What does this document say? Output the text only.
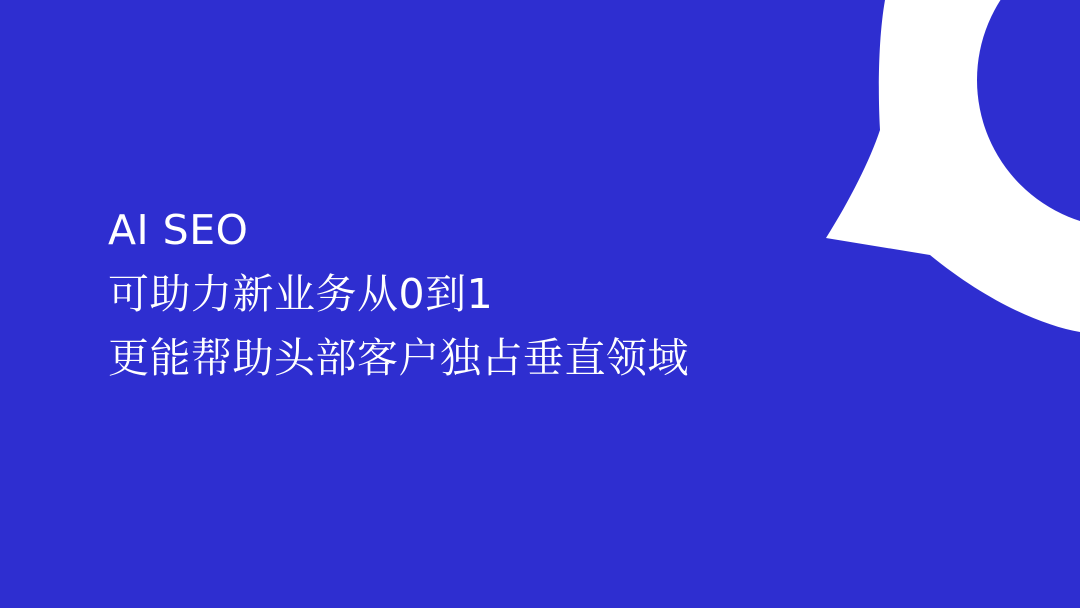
AI SEO
可助力新业务从0到1
更能帮助头部客户独占垂直领域
